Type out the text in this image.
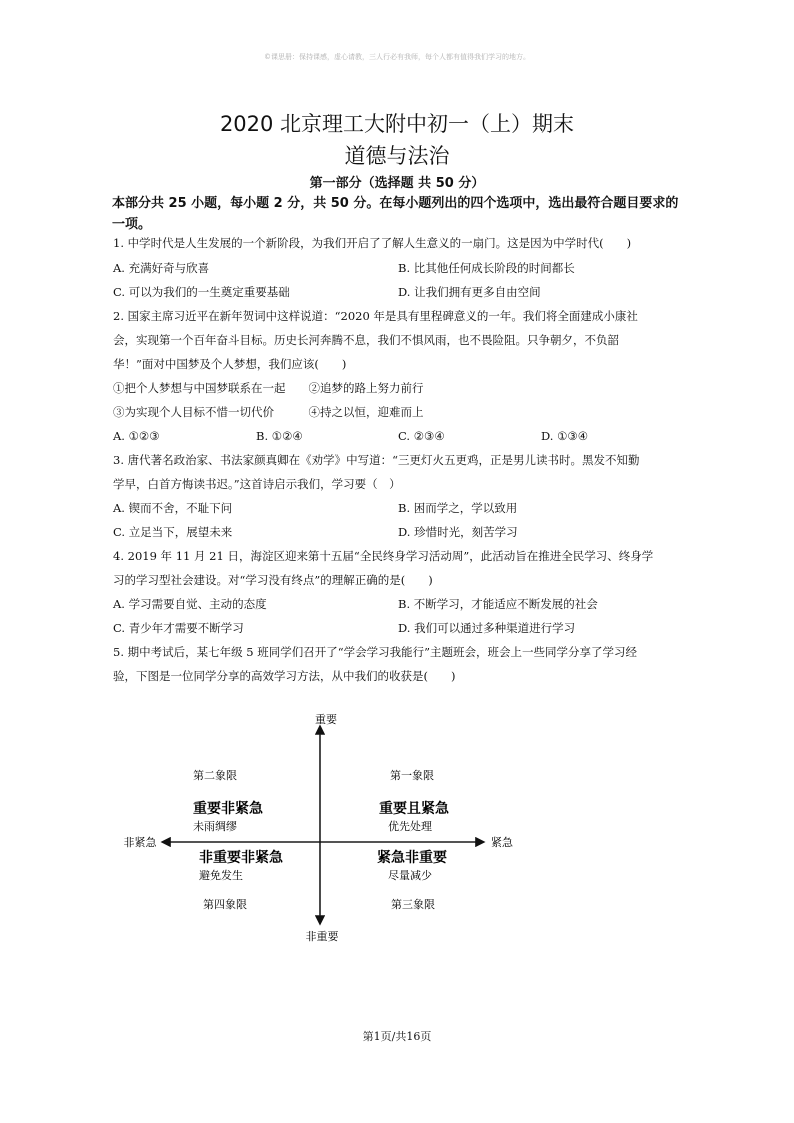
©课思册：保持课感，虚心请教，三人行必有我师，每个人都有值得我们学习的地方。
2020 北京理工大附中初一（上）期末
道德与法治
第一部分（选择题 共 50 分）
本部分共 25 小题，每小题 2 分，共 50 分。在每小题列出的四个选项中，选出最符合题目要求的一项。
1. 中学时代是人生发展的一个新阶段，为我们开启了了解人生意义的一扇门。这是因为中学时代(　　)
A. 充满好奇与欣喜	B. 比其他任何成长阶段的时间都长
C. 可以为我们的一生奠定重要基础	D. 让我们拥有更多自由空间
2. 国家主席习近平在新年贺词中这样说道：“2020 年是具有里程碑意义的一年。我们将全面建成小康社
会，实现第一个百年奋斗目标。历史长河奔腾不息，我们不惧风雨，也不畏险阻。只争朝夕，不负韶
华！”面对中国梦及个人梦想，我们应该(　　)
①把个人梦想与中国梦联系在一起　　②追梦的路上努力前行
③为实现个人目标不惜一切代价　　　④持之以恒，迎难而上
A. ①②③	B. ①②④	C. ②③④	D. ①③④
3. 唐代著名政治家、书法家颜真卿在《劝学》中写道：“三更灯火五更鸡，正是男儿读书时。黑发不知勤
学早，白首方悔读书迟。”这首诗启示我们，学习要（　）
A. 锲而不舍，不耻下问	B. 困而学之，学以致用
C. 立足当下，展望未来	D. 珍惜时光，刻苦学习
4. 2019 年 11 月 21 日，海淀区迎来第十五届“全民终身学习活动周”，此活动旨在推进全民学习、终身学
习的学习型社会建设。对“学习没有终点”的理解正确的是(　　)
A. 学习需要自觉、主动的态度	B. 不断学习，才能适应不断发展的社会
C. 青少年才需要不断学习	D. 我们可以通过多种渠道进行学习
5. 期中考试后，某七年级 5 班同学们召开了“学会学习我能行”主题班会，班会上一些同学分享了学习经
验，下图是一位同学分享的高效学习方法，从中我们的收获是(　　)
重要
非重要
非紧急	紧急
第二象限
重要非紧急
未雨绸缪
第一象限
重要且紧急
优先处理
非重要非紧急
避免发生
第四象限
紧急非重要
尽量减少
第三象限
第1页/共16页
